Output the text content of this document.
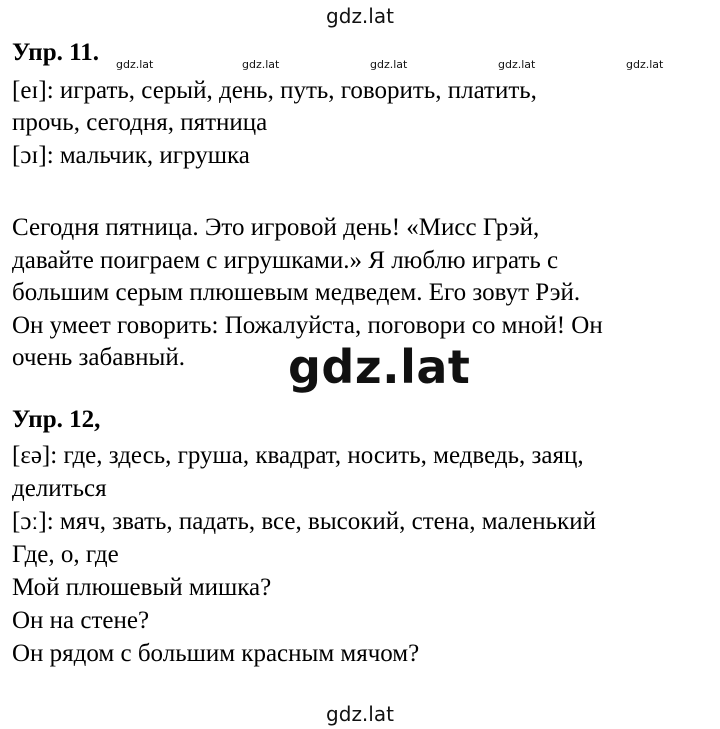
gdz.lat
Упр. 11. gdz.lat	gdz.lat	gdz.lat	gdz.lat	gdz.lat
[eɪ]: играть, серый, день, путь, говорить, платить,
прочь, сегодня, пятница
[ɔɪ]: мальчик, игрушка
Сегодня пятница. Это игровой день! «Мисс Грэй,
давайте поиграем с игрушками.» Я люблю играть с
большим серым плюшевым медведем. Его зовут Рэй.
Он умеет говорить: Пожалуйста, поговори со мной! Он
очень забавный. gdz.lat
Упр. 12,
[ɛə]: где, здесь, груша, квадрат, носить, медведь, заяц,
делиться
[ɔː]: мяч, звать, падать, все, высокий, стена, маленький
Где, о, где
Мой плюшевый мишка?
Он на стене?
Он рядом с большим красным мячом?
gdz.lat
